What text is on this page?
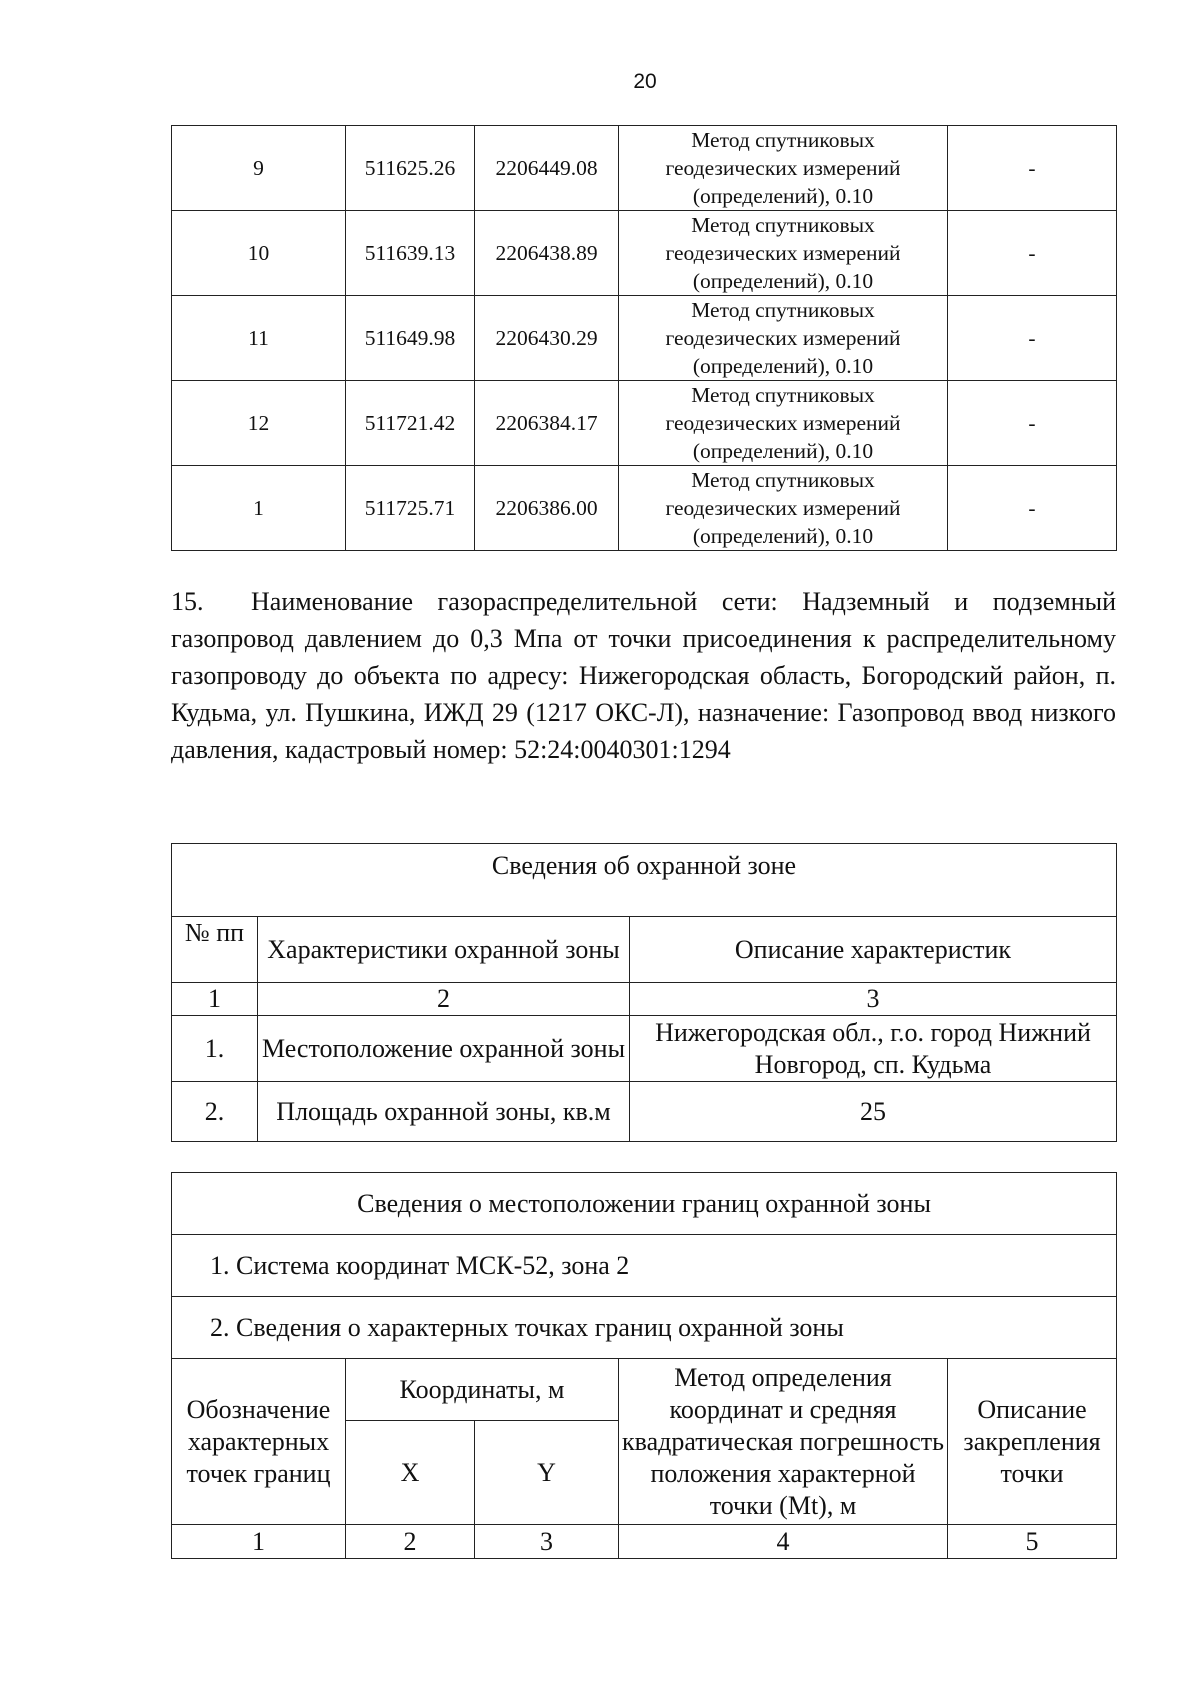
20
9	511625.26	2206449.08	Метод спутниковых
геодезических измерений
(определений), 0.10	-
10	511639.13	2206438.89	Метод спутниковых
геодезических измерений
(определений), 0.10	-
11	511649.98	2206430.29	Метод спутниковых
геодезических измерений
(определений), 0.10	-
12	511721.42	2206384.17	Метод спутниковых
геодезических измерений
(определений), 0.10	-
1	511725.71	2206386.00	Метод спутниковых
геодезических измерений
(определений), 0.10	-
15. Наименование газораспределительной сети: Надземный и подземный газопровод давлением до 0,3 Мпа от точки присоединения к распределительному газопроводу до объекта по адресу: Нижегородская область, Богородский район, п. Кудьма, ул. Пушкина, ИЖД 29 (1217 ОКС-Л), назначение: Газопровод ввод низкого давления, кадастровый номер: 52:24:0040301:1294
Сведения об охранной зоне		
№ пп	Характеристики охранной зоны	Описание характеристик
1	2	3
1.	Местоположение охранной зоны	Нижегородская обл., г.о. город Нижний Новгород, сп. Кудьма
2.	Площадь охранной зоны, кв.м	25
Сведения о местоположении границ охранной зоны				
1. Система координат МСК-52, зона 2				
2. Сведения о характерных точках границ охранной зоны				
Обозначение характерных точек границ	Координаты, м		Метод определения координат и средняя квадратическая погрешность положения характерной точки (Mt), м	Описание закрепления точки
	X	Y		
1	2	3	4	5
